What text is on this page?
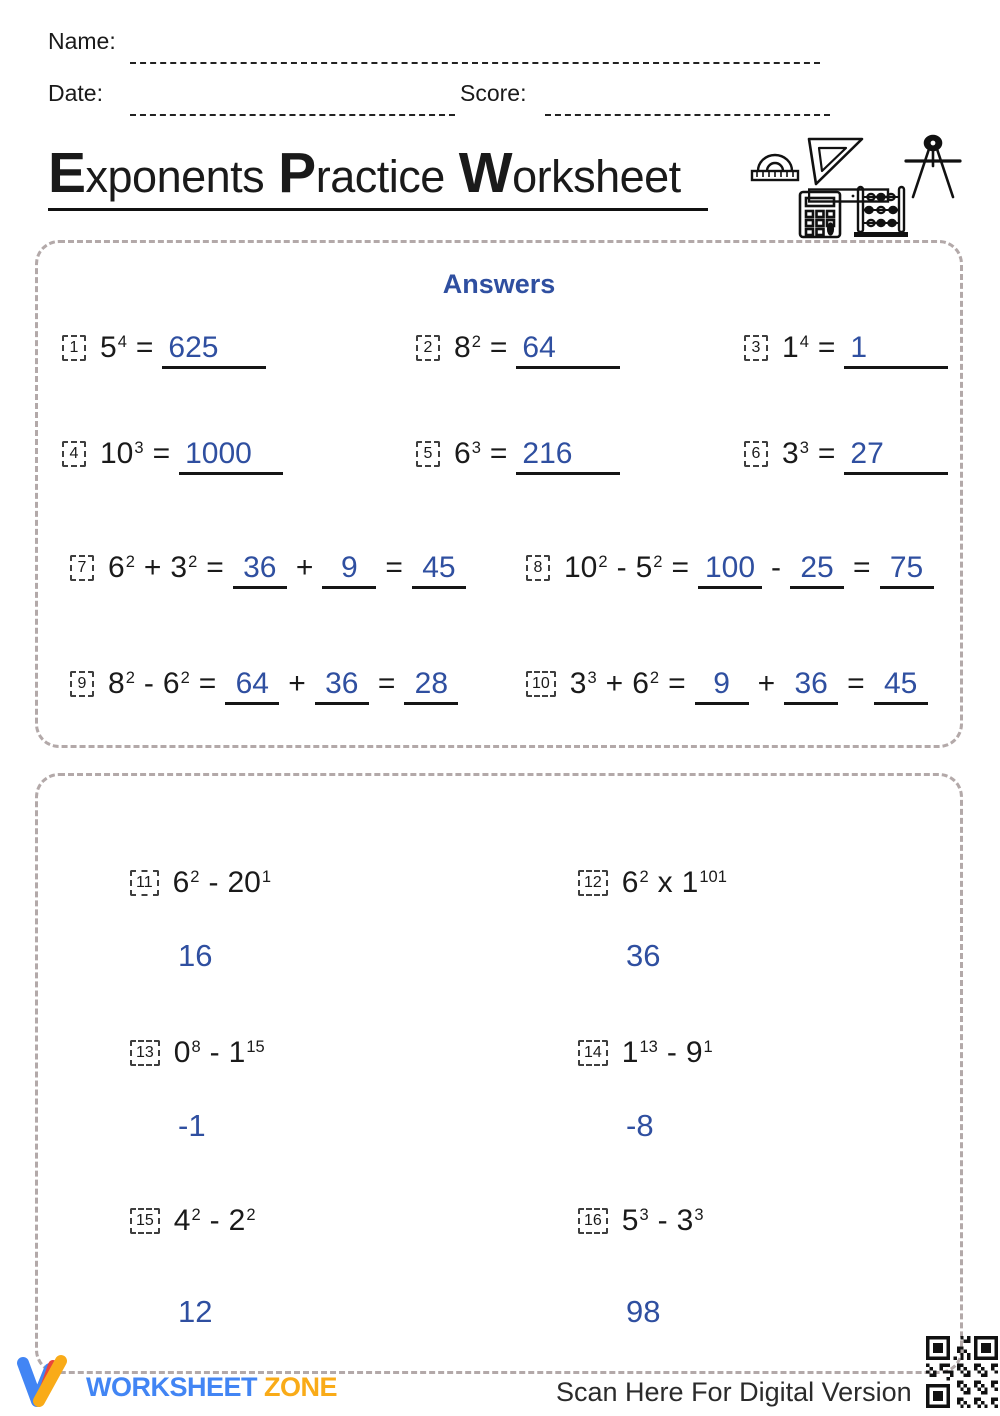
Name:
Date:	Score:
Exponents Practice Worksheet
Answers
1 $5^4 = 625$	2 $8^2 = 64$	3 $1^4 = 1$
4 $10^3 = 1000$	5 $6^3 = 216$	6 $3^3 = 27$
7 $6^2 + 3^2 = 36 + 9 = 45$	8 $10^2 - 5^2 = 100 - 25 = 75$
9 $8^2 - 6^2 = 64 + 36 = 28$	10 $3^3 + 6^2 = 9 + 36 = 45$
11 $6^2 - 20^1$
16
12 $6^2$ x $1^{101}$
36
13 $0^8 - 1^{15}$
-1
14 $1^{13} - 9^1$
-8
15 $4^2 - 2^2$
12
16 $5^3 - 3^3$
98
WORKSHEET ZONE	Scan Here For Digital Version
